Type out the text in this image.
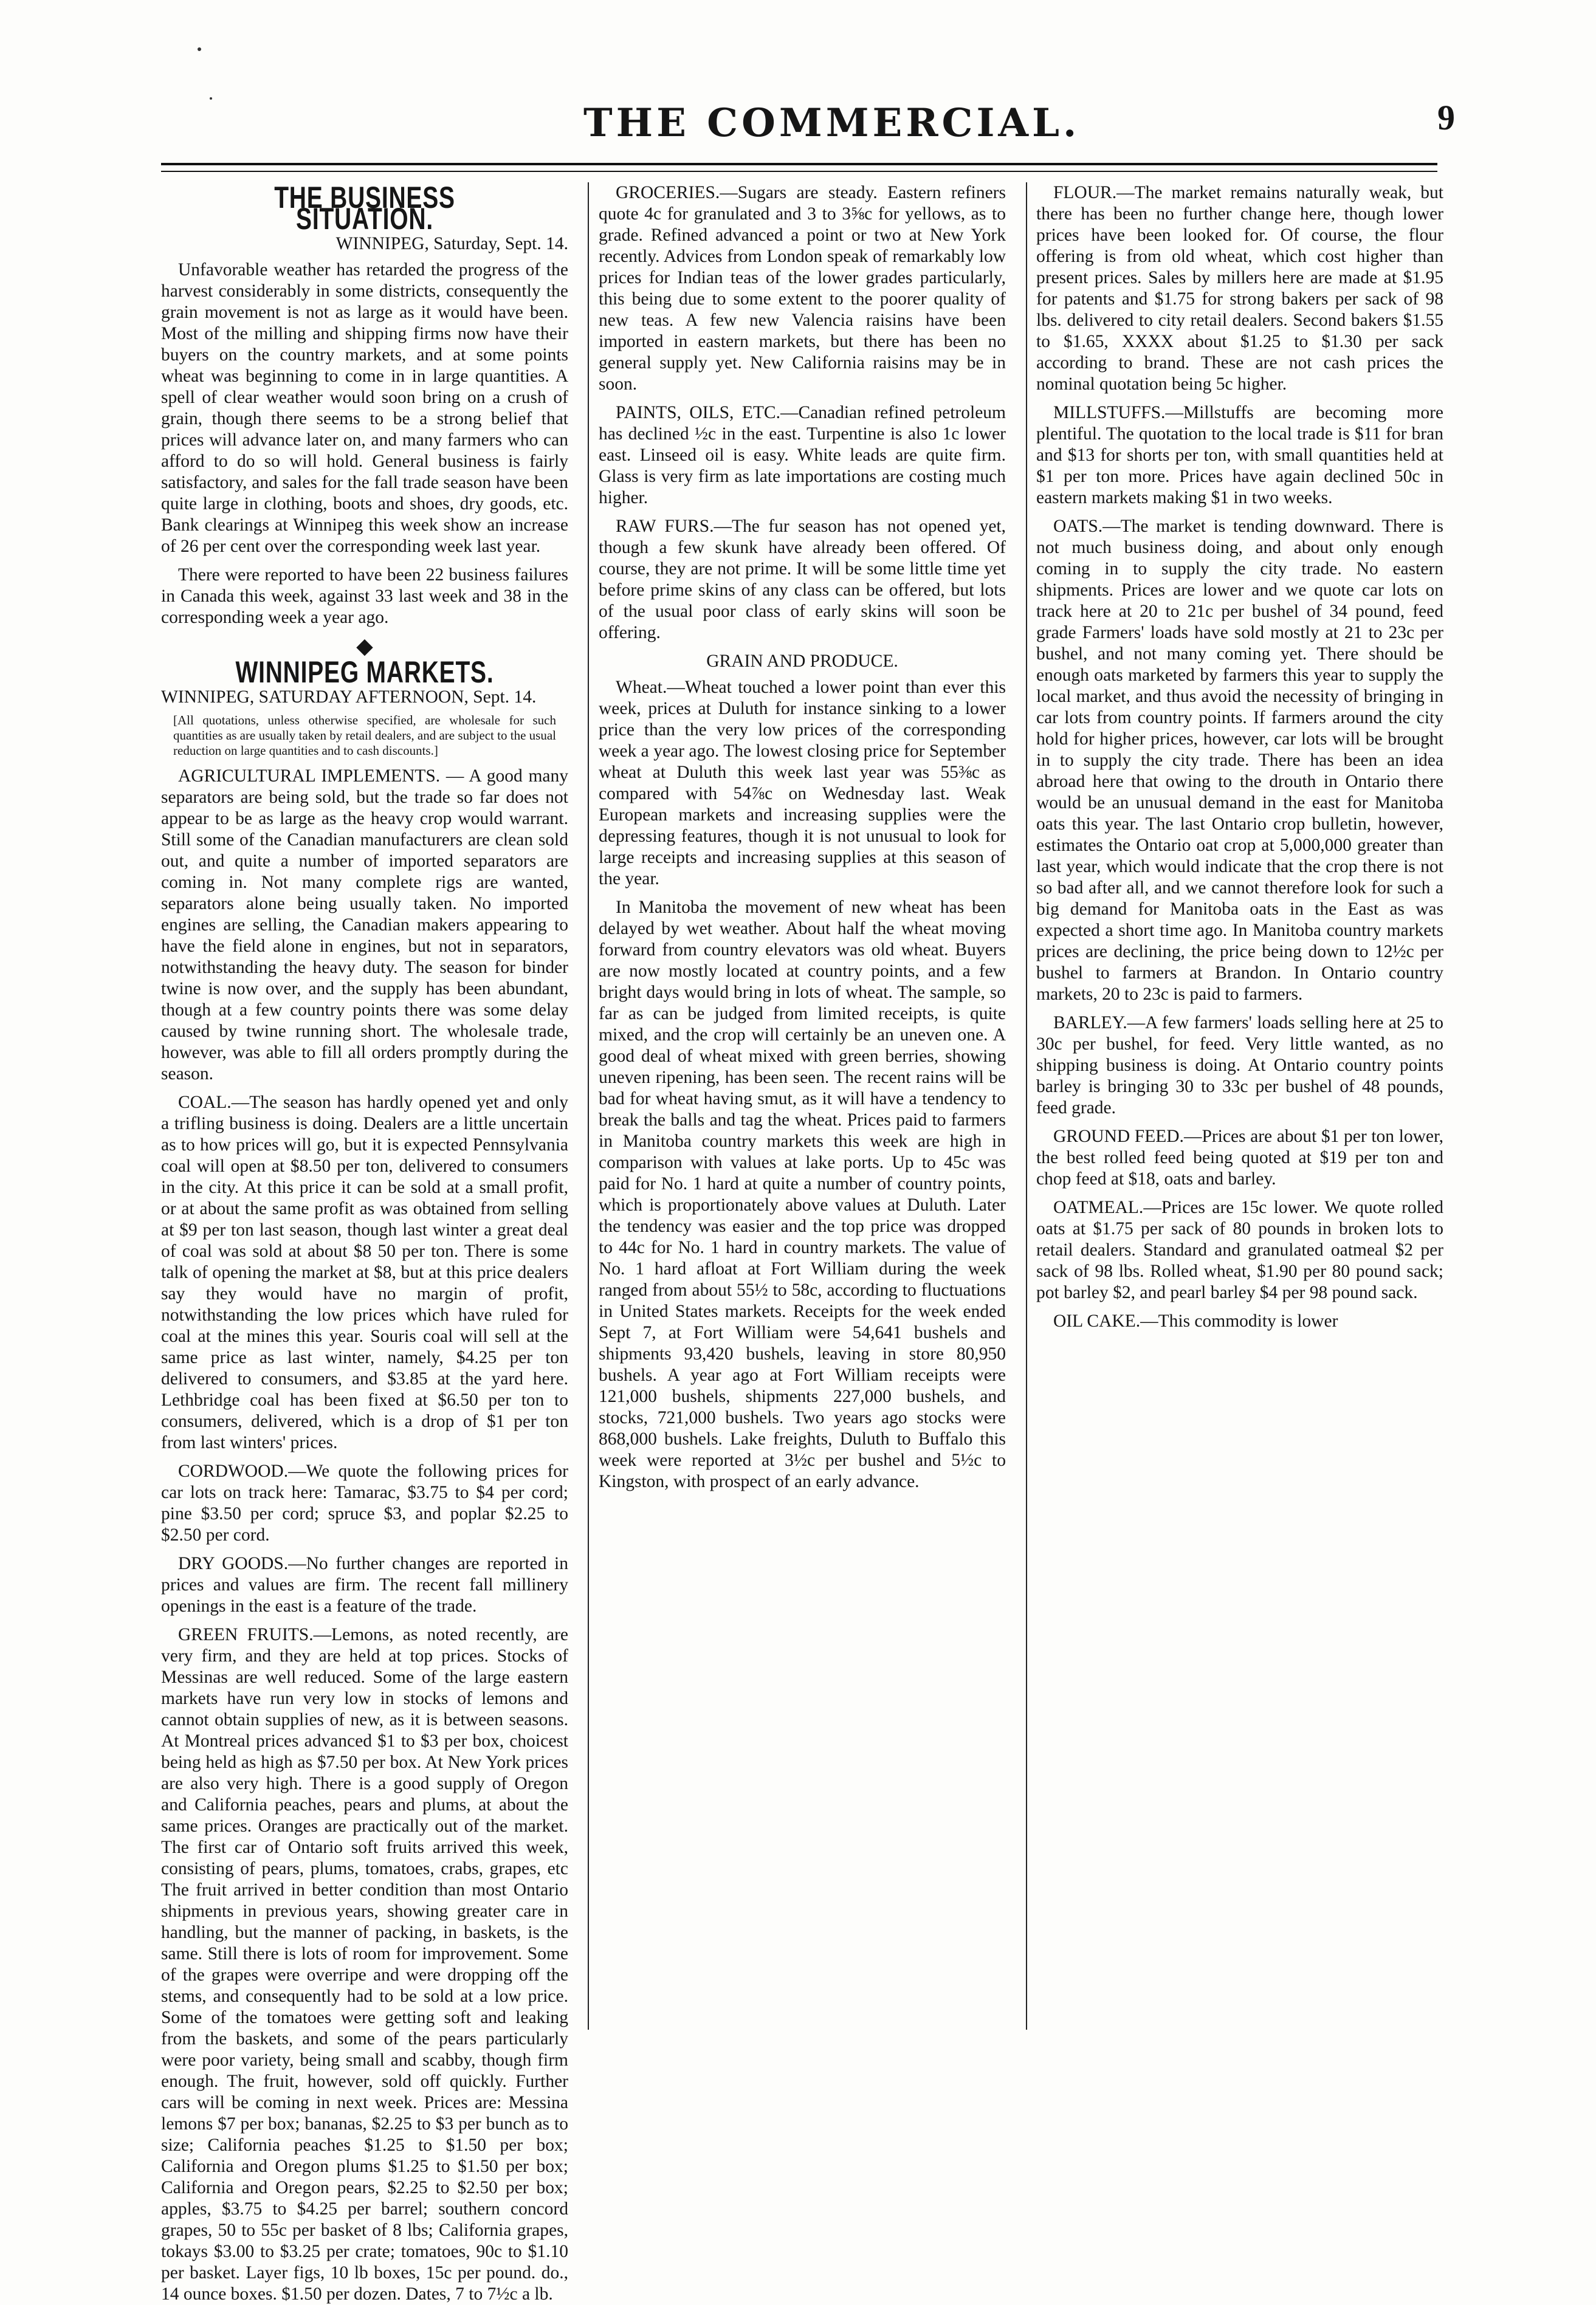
THE COMMERCIAL.	9
THE BUSINESS SITUATION.
WINNIPEG, Saturday, Sept. 14.

Unfavorable weather has retarded the progress of the harvest considerably in some districts, consequently the grain movement is not as large as it would have been. Most of the milling and shipping firms now have their buyers on the country markets, and at some points wheat was beginning to come in in large quantities. A spell of clear weather would soon bring on a crush of grain, though there seems to be a strong belief that prices will advance later on, and many farmers who can afford to do so will hold. General business is fairly satisfactory, and sales for the fall trade season have been quite large in clothing, boots and shoes, dry goods, etc. Bank clearings at Winnipeg this week show an increase of 26 per cent over the corresponding week last year.

There were reported to have been 22 business failures in Canada this week, against 33 last week and 38 in the corresponding week a year ago.

◆
WINNIPEG MARKETS.
WINNIPEG, SATURDAY AFTERNOON, Sept. 14.
[All quotations, unless otherwise specified, are wholesale for such quantities as are usually taken by retail dealers, and are subject to the usual reduction on large quantities and to cash discounts.]

AGRICULTURAL IMPLEMENTS. — A good many separators are being sold, but the trade so far does not appear to be as large as the heavy crop would warrant. Still some of the Canadian manufacturers are clean sold out, and quite a number of imported separators are coming in. Not many complete rigs are wanted, separators alone being usually taken. No imported engines are selling, the Canadian makers appearing to have the field alone in engines, but not in separators, notwithstanding the heavy duty. The season for binder twine is now over, and the supply has been abundant, though at a few country points there was some delay caused by twine running short. The wholesale trade, however, was able to fill all orders promptly during the season.

COAL.—The season has hardly opened yet and only a trifling business is doing. Dealers are a little uncertain as to how prices will go, but it is expected Pennsylvania coal will open at $8.50 per ton, delivered to consumers in the city. At this price it can be sold at a small profit, or at about the same profit as was obtained from selling at $9 per ton last season, though last winter a great deal of coal was sold at about $8 50 per ton. There is some talk of opening the market at $8, but at this price dealers say they would have no margin of profit, notwithstanding the low prices which have ruled for coal at the mines this year. Souris coal will sell at the same price as last winter, namely, $4.25 per ton delivered to consumers, and $3.85 at the yard here. Lethbridge coal has been fixed at $6.50 per ton to consumers, delivered, which is a drop of $1 per ton from last winters' prices.

CORDWOOD.—We quote the following prices for car lots on track here: Tamarac, $3.75 to $4 per cord; pine $3.50 per cord; spruce $3, and poplar $2.25 to $2.50 per cord.

DRY GOODS.—No further changes are reported in prices and values are firm. The recent fall millinery openings in the east is a feature of the trade.

GREEN FRUITS.—Lemons, as noted recently, are very firm, and they are held at top prices. Stocks of Messinas are well reduced. Some of the large eastern markets have run very low in stocks of lemons and cannot obtain supplies of new, as it is between seasons. At Montreal prices advanced $1 to $3 per box, choicest being held as high as $7.50 per box. At New York prices are also very high. There is a good supply of Oregon and California peaches, pears and plums, at about the same prices. Oranges are practically out of the market. The first car of Ontario soft fruits arrived this week, consisting of pears, plums, tomatoes, crabs, grapes, etc The fruit arrived in better condition than most Ontario shipments in previous years, showing greater care in handling, but the manner of packing, in baskets, is the same. Still there is lots of room for improvement. Some of the grapes were overripe and were dropping off the stems, and consequently had to be sold at a low price. Some of the tomatoes were getting soft and leaking from the baskets, and some of the pears particularly were poor variety, being small and scabby, though firm enough. The fruit, however, sold off quickly. Further cars will be coming in next week. Prices are: Messina lemons $7 per box; bananas, $2.25 to $3 per bunch as to size; California peaches $1.25 to $1.50 per box; California and Oregon plums $1.25 to $1.50 per box; California and Oregon pears, $2.25 to $2.50 per box; apples, $3.75 to $4.25 per barrel; southern concord grapes, 50 to 55c per basket of 8 lbs; California grapes, tokays $3.00 to $3.25 per crate; tomatoes, 90c to $1.10 per basket. Layer figs, 10 lb boxes, 15c per pound. do., 14 ounce boxes. $1.50 per dozen. Dates, 7 to 7½c a lb.

GROCERIES.—Sugars are steady. Eastern refiners quote 4c for granulated and 3 to 3⅝c for yellows, as to grade. Refined advanced a point or two at New York recently. Advices from London speak of remarkably low prices for Indian teas of the lower grades particularly, this being due to some extent to the poorer quality of new teas. A few new Valencia raisins have been imported in eastern markets, but there has been no general supply yet. New California raisins may be in soon.

PAINTS, OILS, ETC.—Canadian refined petroleum has declined ½c in the east. Turpentine is also 1c lower east. Linseed oil is easy. White leads are quite firm. Glass is very firm as late importations are costing much higher.

RAW FURS.—The fur season has not opened yet, though a few skunk have already been offered. Of course, they are not prime. It will be some little time yet before prime skins of any class can be offered, but lots of the usual poor class of early skins will soon be offering.

GRAIN AND PRODUCE.

Wheat.—Wheat touched a lower point than ever this week, prices at Duluth for instance sinking to a lower price than the very low prices of the corresponding week a year ago. The lowest closing price for September wheat at Duluth this week last year was 55⅜c as compared with 54⅞c on Wednesday last. Weak European markets and increasing supplies were the depressing features, though it is not unusual to look for large receipts and increasing supplies at this season of the year.

In Manitoba the movement of new wheat has been delayed by wet weather. About half the wheat moving forward from country elevators was old wheat. Buyers are now mostly located at country points, and a few bright days would bring in lots of wheat. The sample, so far as can be judged from limited receipts, is quite mixed, and the crop will certainly be an uneven one. A good deal of wheat mixed with green berries, showing uneven ripening, has been seen. The recent rains will be bad for wheat having smut, as it will have a tendency to break the balls and tag the wheat. Prices paid to farmers in Manitoba country markets this week are high in comparison with values at lake ports. Up to 45c was paid for No. 1 hard at quite a number of country points, which is proportionately above values at Duluth. Later the tendency was easier and the top price was dropped to 44c for No. 1 hard in country markets. The value of No. 1 hard afloat at Fort William during the week ranged from about 55½ to 58c, according to fluctuations in United States markets. Receipts for the week ended Sept 7, at Fort William were 54,641 bushels and shipments 93,420 bushels, leaving in store 80,950 bushels. A year ago at Fort William receipts were 121,000 bushels, shipments 227,000 bushels, and stocks, 721,000 bushels. Two years ago stocks were 868,000 bushels. Lake freights, Duluth to Buffalo this week were reported at 3½c per bushel and 5½c to Kingston, with prospect of an early advance.

FLOUR.—The market remains naturally weak, but there has been no further change here, though lower prices have been looked for. Of course, the flour offering is from old wheat, which cost higher than present prices. Sales by millers here are made at $1.95 for patents and $1.75 for strong bakers per sack of 98 lbs. delivered to city retail dealers. Second bakers $1.55 to $1.65, XXXX about $1.25 to $1.30 per sack according to brand. These are not cash prices the nominal quotation being 5c higher.

MILLSTUFFS.—Millstuffs are becoming more plentiful. The quotation to the local trade is $11 for bran and $13 for shorts per ton, with small quantities held at $1 per ton more. Prices have again declined 50c in eastern markets making $1 in two weeks.

OATS.—The market is tending downward. There is not much business doing, and about only enough coming in to supply the city trade. No eastern shipments. Prices are lower and we quote car lots on track here at 20 to 21c per bushel of 34 pound, feed grade Farmers' loads have sold mostly at 21 to 23c per bushel, and not many coming yet. There should be enough oats marketed by farmers this year to supply the local market, and thus avoid the necessity of bringing in car lots from country points. If farmers around the city hold for higher prices, however, car lots will be brought in to supply the city trade. There has been an idea abroad here that owing to the drouth in Ontario there would be an unusual demand in the east for Manitoba oats this year. The last Ontario crop bulletin, however, estimates the Ontario oat crop at 5,000,000 greater than last year, which would indicate that the crop there is not so bad after all, and we cannot therefore look for such a big demand for Manitoba oats in the East as was expected a short time ago. In Manitoba country markets prices are declining, the price being down to 12½c per bushel to farmers at Brandon. In Ontario country markets, 20 to 23c is paid to farmers.

BARLEY.—A few farmers' loads selling here at 25 to 30c per bushel, for feed. Very little wanted, as no shipping business is doing. At Ontario country points barley is bringing 30 to 33c per bushel of 48 pounds, feed grade.

GROUND FEED.—Prices are about $1 per ton lower, the best rolled feed being quoted at $19 per ton and chop feed at $18, oats and barley.

OATMEAL.—Prices are 15c lower. We quote rolled oats at $1.75 per sack of 80 pounds in broken lots to retail dealers. Standard and granulated oatmeal $2 per sack of 98 lbs. Rolled wheat, $1.90 per 80 pound sack; pot barley $2, and pearl barley $4 per 98 pound sack.

OIL CAKE.—This commodity is lower
